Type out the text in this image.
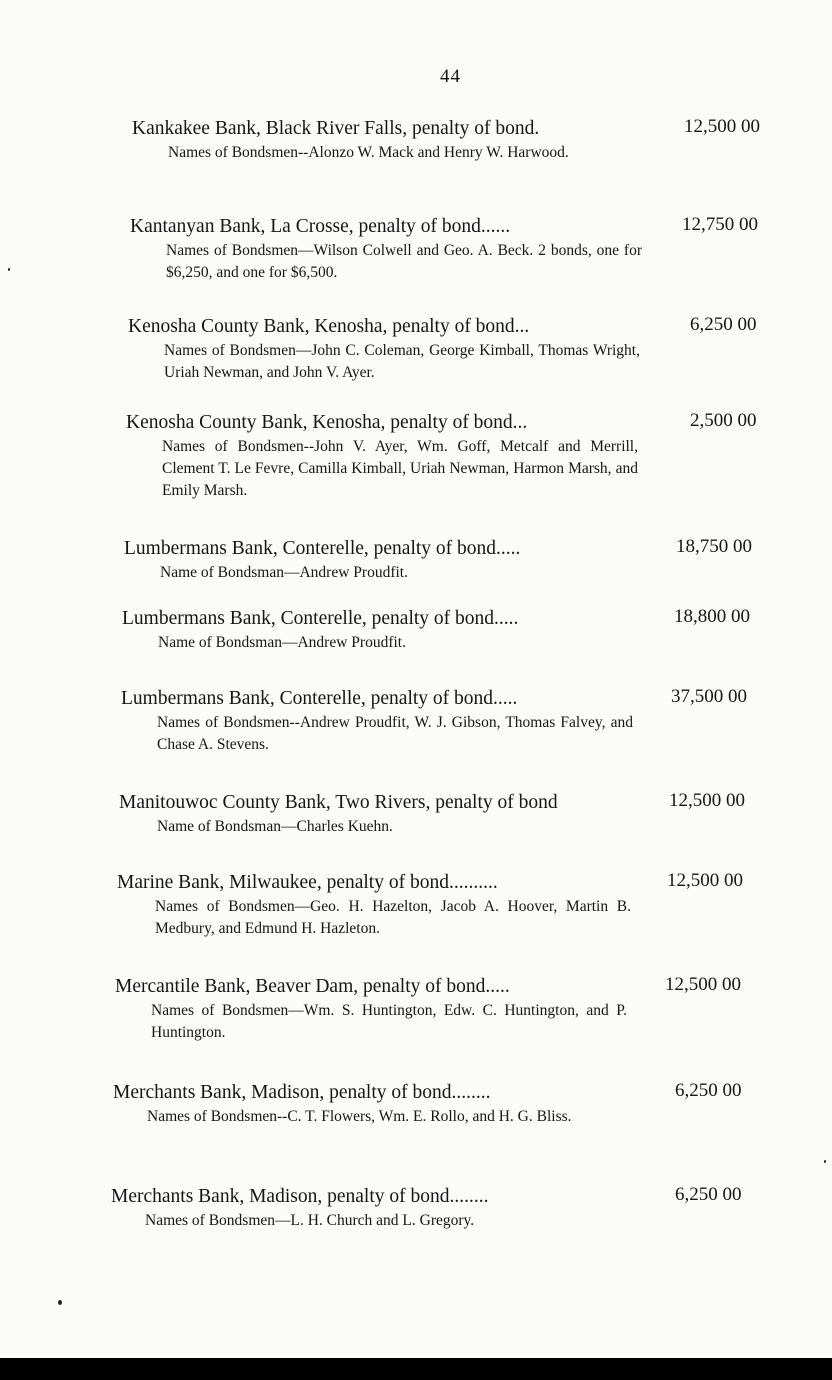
44
Kankakee Bank, Black River Falls, penalty of bond.	12,500 00
Names of Bondsmen--Alonzo W. Mack and Henry W. Harwood.
Kantanyan Bank, La Crosse, penalty of bond......	12,750 00
Names of Bondsmen—Wilson Colwell and Geo. A. Beck. 2 bonds, one for $6,250, and one for $6,500.
Kenosha County Bank, Kenosha, penalty of bond...	6,250 00
Names of Bondsmen—John C. Coleman, George Kimball, Thomas Wright, Uriah Newman, and John V. Ayer.
Kenosha County Bank, Kenosha, penalty of bond...	2,500 00
Names of Bondsmen--John V. Ayer, Wm. Goff, Metcalf and Merrill, Clement T. Le Fevre, Camilla Kimball, Uriah Newman, Harmon Marsh, and Emily Marsh.
Lumbermans Bank, Conterelle, penalty of bond.....	18,750 00
Name of Bondsman—Andrew Proudfit.
Lumbermans Bank, Conterelle, penalty of bond.....	18,800 00
Name of Bondsman—Andrew Proudfit.
Lumbermans Bank, Conterelle, penalty of bond.....	37,500 00
Names of Bondsmen--Andrew Proudfit, W. J. Gibson, Thomas Falvey, and Chase A. Stevens.
Manitouwoc County Bank, Two Rivers, penalty of bond	12,500 00
Name of Bondsman—Charles Kuehn.
Marine Bank, Milwaukee, penalty of bond..........	12,500 00
Names of Bondsmen—Geo. H. Hazelton, Jacob A. Hoover, Martin B. Medbury, and Edmund H. Hazleton.
Mercantile Bank, Beaver Dam, penalty of bond.....	12,500 00
Names of Bondsmen—Wm. S. Huntington, Edw. C. Huntington, and P. Huntington.
Merchants Bank, Madison, penalty of bond........	6,250 00
Names of Bondsmen--C. T. Flowers, Wm. E. Rollo, and H. G. Bliss.
Merchants Bank, Madison, penalty of bond........	6,250 00
Names of Bondsmen—L. H. Church and L. Gregory.
